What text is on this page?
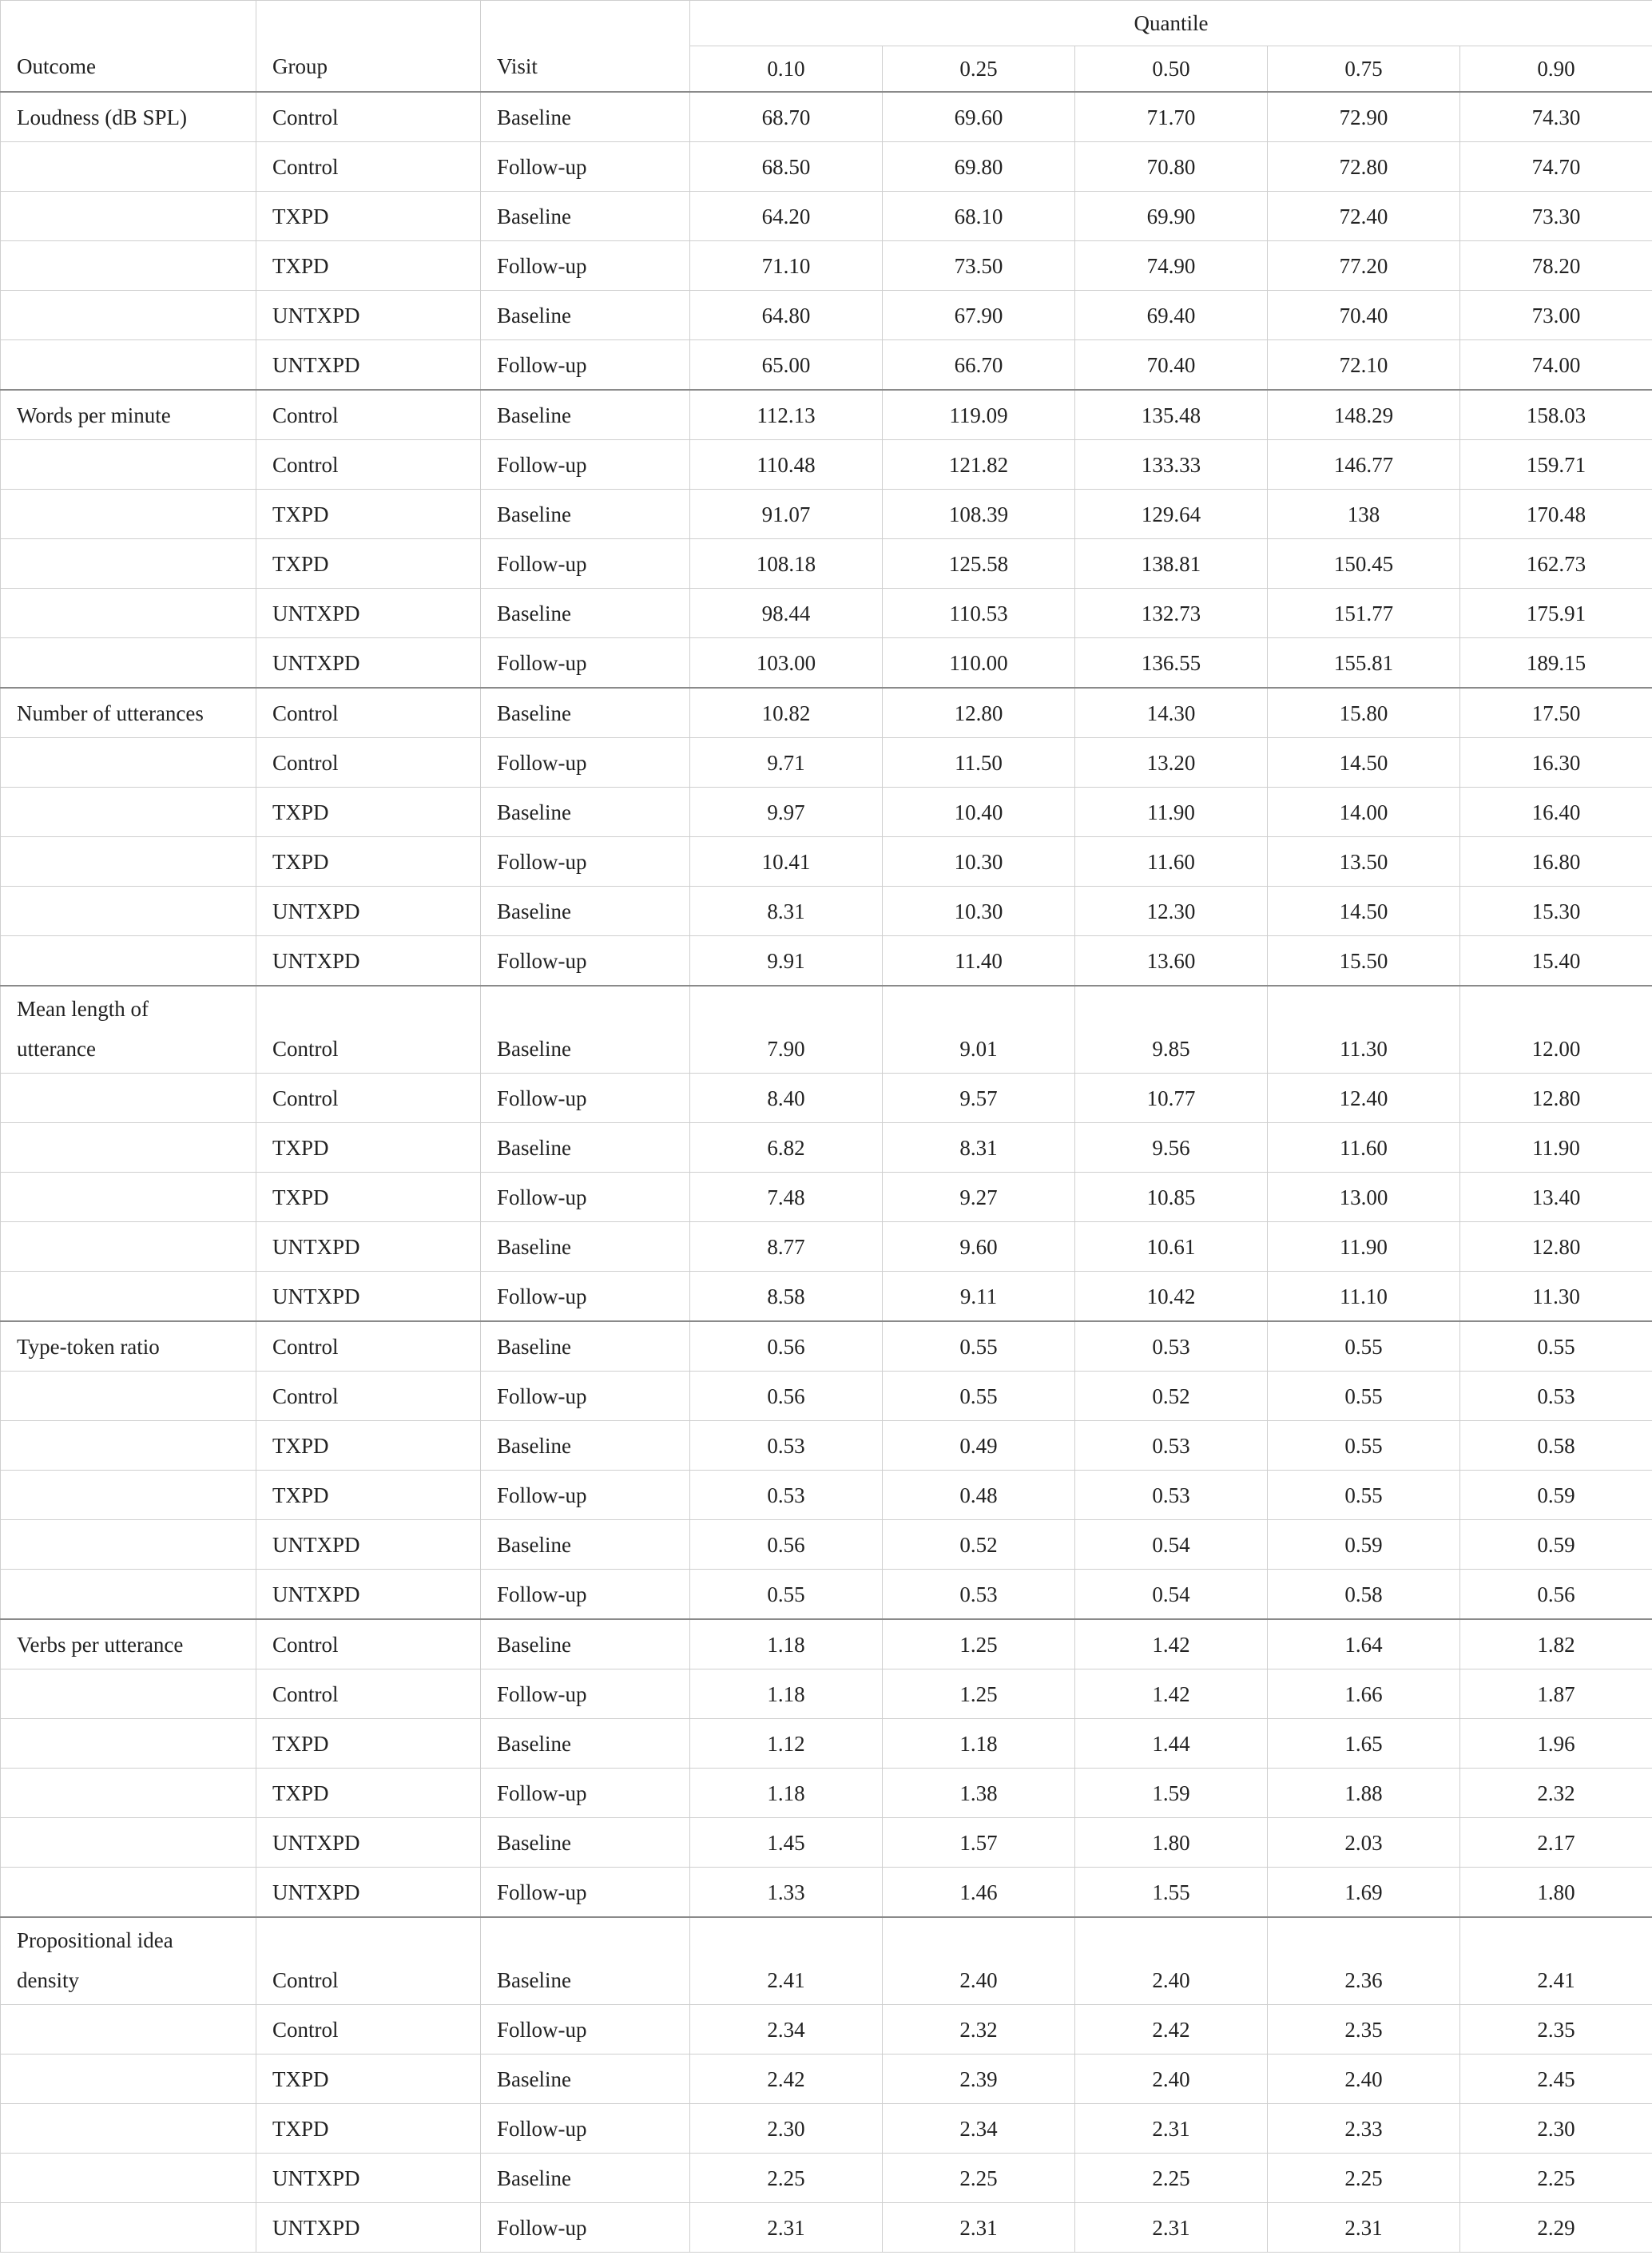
Outcome	Group	Visit	Quantile				
			0.10	0.25	0.50	0.75	0.90
Loudness (dB SPL)	Control	Baseline	68.70	69.60	71.70	72.90	74.30
	Control	Follow-up	68.50	69.80	70.80	72.80	74.70
	TXPD	Baseline	64.20	68.10	69.90	72.40	73.30
	TXPD	Follow-up	71.10	73.50	74.90	77.20	78.20
	UNTXPD	Baseline	64.80	67.90	69.40	70.40	73.00
	UNTXPD	Follow-up	65.00	66.70	70.40	72.10	74.00
Words per minute	Control	Baseline	112.13	119.09	135.48	148.29	158.03
	Control	Follow-up	110.48	121.82	133.33	146.77	159.71
	TXPD	Baseline	91.07	108.39	129.64	138	170.48
	TXPD	Follow-up	108.18	125.58	138.81	150.45	162.73
	UNTXPD	Baseline	98.44	110.53	132.73	151.77	175.91
	UNTXPD	Follow-up	103.00	110.00	136.55	155.81	189.15
Number of utterances	Control	Baseline	10.82	12.80	14.30	15.80	17.50
	Control	Follow-up	9.71	11.50	13.20	14.50	16.30
	TXPD	Baseline	9.97	10.40	11.90	14.00	16.40
	TXPD	Follow-up	10.41	10.30	11.60	13.50	16.80
	UNTXPD	Baseline	8.31	10.30	12.30	14.50	15.30
	UNTXPD	Follow-up	9.91	11.40	13.60	15.50	15.40

Mean length of
utterance	Control	Baseline	7.90	9.01	9.85	11.30	12.00
	Control	Follow-up	8.40	9.57	10.77	12.40	12.80
	TXPD	Baseline	6.82	8.31	9.56	11.60	11.90
	TXPD	Follow-up	7.48	9.27	10.85	13.00	13.40
	UNTXPD	Baseline	8.77	9.60	10.61	11.90	12.80
	UNTXPD	Follow-up	8.58	9.11	10.42	11.10	11.30
Type-token ratio	Control	Baseline	0.56	0.55	0.53	0.55	0.55
	Control	Follow-up	0.56	0.55	0.52	0.55	0.53
	TXPD	Baseline	0.53	0.49	0.53	0.55	0.58
	TXPD	Follow-up	0.53	0.48	0.53	0.55	0.59
	UNTXPD	Baseline	0.56	0.52	0.54	0.59	0.59
	UNTXPD	Follow-up	0.55	0.53	0.54	0.58	0.56
Verbs per utterance	Control	Baseline	1.18	1.25	1.42	1.64	1.82
	Control	Follow-up	1.18	1.25	1.42	1.66	1.87
	TXPD	Baseline	1.12	1.18	1.44	1.65	1.96
	TXPD	Follow-up	1.18	1.38	1.59	1.88	2.32
	UNTXPD	Baseline	1.45	1.57	1.80	2.03	2.17
	UNTXPD	Follow-up	1.33	1.46	1.55	1.69	1.80

Propositional idea
density	Control	Baseline	2.41	2.40	2.40	2.36	2.41
	Control	Follow-up	2.34	2.32	2.42	2.35	2.35
	TXPD	Baseline	2.42	2.39	2.40	2.40	2.45
	TXPD	Follow-up	2.30	2.34	2.31	2.33	2.30
	UNTXPD	Baseline	2.25	2.25	2.25	2.25	2.25
	UNTXPD	Follow-up	2.31	2.31	2.31	2.31	2.29
